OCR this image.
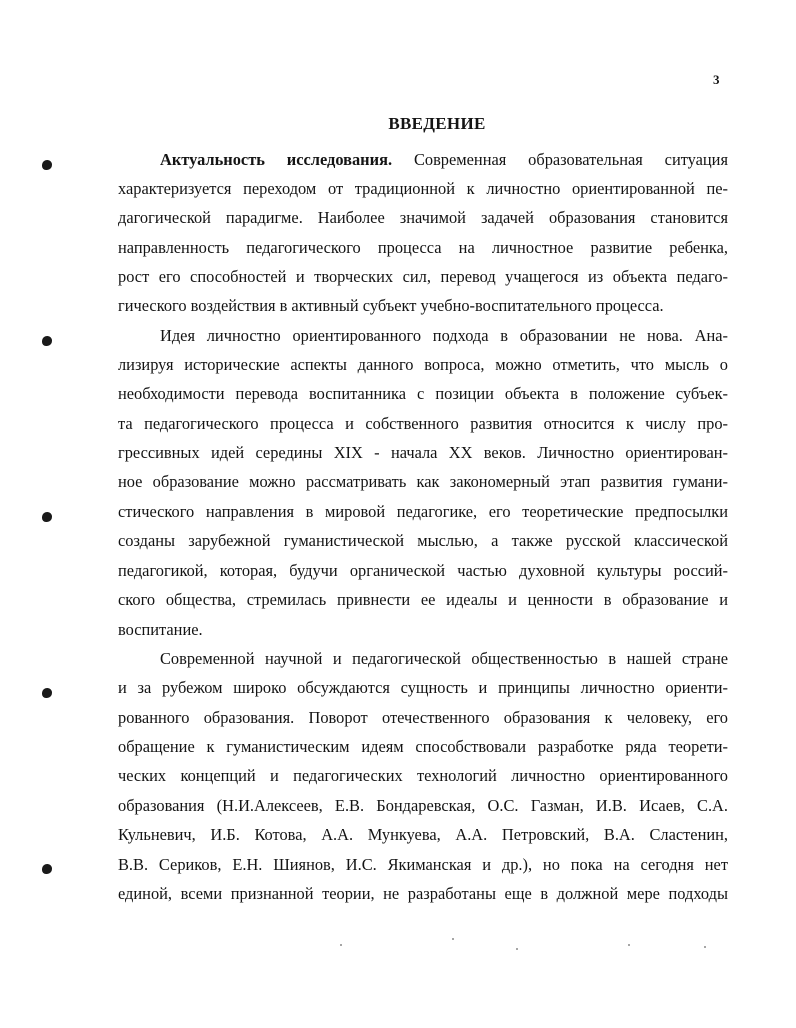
3
ВВЕДЕНИЕ
Актуальность исследования. Современная образовательная ситуация
характеризуется переходом от традиционной к личностно ориентированной пе-
дагогической парадигме. Наиболее значимой задачей образования становится
направленность педагогического процесса на личностное развитие ребенка,
рост его способностей и творческих сил, перевод учащегося из объекта педаго-
гического воздействия в активный субъект учебно-воспитательного процесса.
Идея личностно ориентированного подхода в образовании не нова. Ана-
лизируя исторические аспекты данного вопроса, можно отметить, что мысль о
необходимости перевода воспитанника с позиции объекта в положение субъек-
та педагогического процесса и собственного развития относится к числу про-
грессивных идей середины XIX - начала XX веков. Личностно ориентирован-
ное образование можно рассматривать как закономерный этап развития гумани-
стического направления в мировой педагогике, его теоретические предпосылки
созданы зарубежной гуманистической мыслью, а также русской классической
педагогикой, которая, будучи органической частью духовной культуры россий-
ского общества, стремилась привнести ее идеалы и ценности в образование и
воспитание.
Современной научной и педагогической общественностью в нашей стране
и за рубежом широко обсуждаются сущность и принципы личностно ориенти-
рованного образования. Поворот отечественного образования к человеку, его
обращение к гуманистическим идеям способствовали разработке ряда теорети-
ческих концепций и педагогических технологий личностно ориентированного
образования (Н.И.Алексеев, Е.В. Бондаревская, О.С. Газман, И.В. Исаев, С.А.
Кульневич, И.Б. Котова, А.А. Мункуева, А.А. Петровский, В.А. Сластенин,
В.В. Сериков, Е.Н. Шиянов, И.С. Якиманская и др.), но пока на сегодня нет
единой, всеми признанной теории, не разработаны еще в должной мере подходы
